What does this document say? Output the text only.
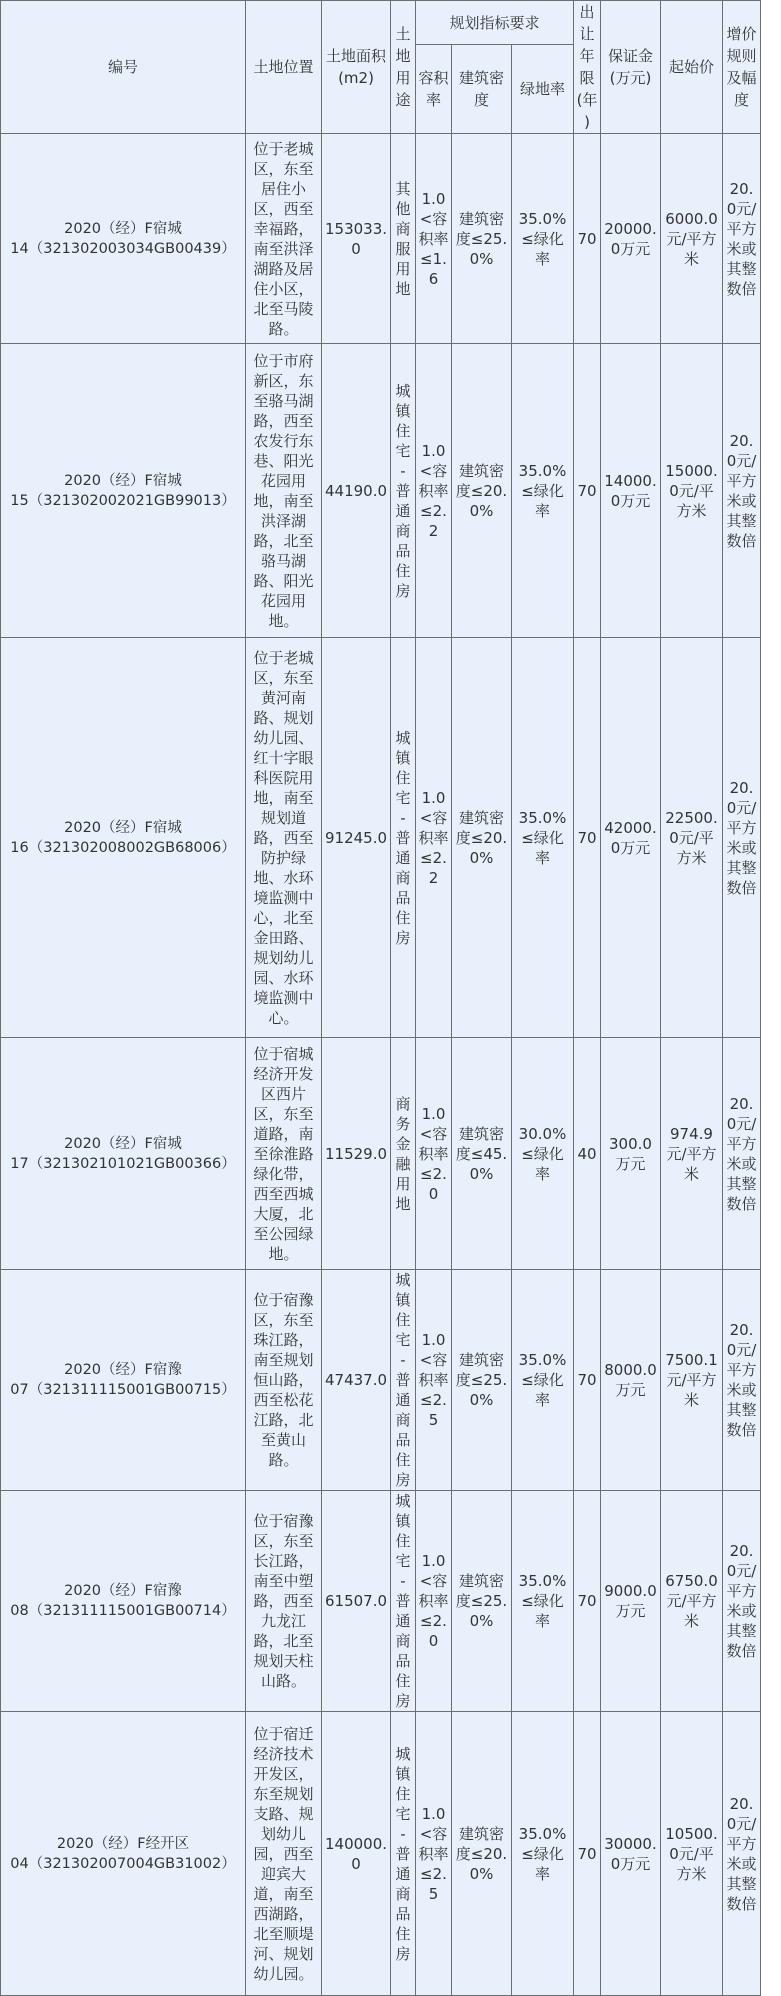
编号	土地位置	土地面积(m2)	土地用途	规划指标要求			出让年限(年)	保证金(万元)	起始价	增价规则及幅度
				容积率	建筑密度	绿地率				

2020（经）F宿城
14（321302003034GB00439）	位于老城区，东至居住小区，西至幸福路，南至洪泽湖路及居住小区，北至马陵路。	153033.0	其他商服用地	1.0<容积率≤1.6	建筑密度≤25.0%	35.0%≤绿化率	70	20000.0万元	6000.0元/平方米	20.0元/平方米或其整数倍

2020（经）F宿城
15（321302002021GB99013）	位于市府新区，东至骆马湖路，西至农发行东巷、阳光花园用地，南至洪泽湖路，北至骆马湖路、阳光花园用地。	44190.0	城镇住宅-普通商品住房	1.0<容积率≤2.2	建筑密度≤20.0%	35.0%≤绿化率	70	14000.0万元	15000.0元/平方米	20.0元/平方米或其整数倍

2020（经）F宿城
16（321302008002GB68006）	位于老城区，东至黄河南路、规划幼儿园、红十字眼科医院用地，南至规划道路，西至防护绿地、水环境监测中心，北至金田路、规划幼儿园、水环境监测中心。	91245.0	城镇住宅-普通商品住房	1.0<容积率≤2.2	建筑密度≤20.0%	35.0%≤绿化率	70	42000.0万元	22500.0元/平方米	20.0元/平方米或其整数倍

2020（经）F宿城
17（321302101021GB00366）	位于宿城经济开发区西片区，东至道路，南至徐淮路绿化带，西至西城大厦，北至公园绿地。	11529.0	商务金融用地	1.0<容积率≤2.0	建筑密度≤45.0%	30.0%≤绿化率	40	300.0万元	974.9元/平方米	20.0元/平方米或其整数倍

2020（经）F宿豫
07（321311115001GB00715）	位于宿豫区，东至珠江路，南至规划恒山路，西至松花江路，北至黄山路。	47437.0	城镇住宅-普通商品住房	1.0<容积率≤2.5	建筑密度≤25.0%	35.0%≤绿化率	70	8000.0万元	7500.1元/平方米	20.0元/平方米或其整数倍

2020（经）F宿豫
08（321311115001GB00714）	位于宿豫区，东至长江路，南至中塑路，西至九龙江路，北至规划天柱山路。	61507.0	城镇住宅-普通商品住房	1.0<容积率≤2.0	建筑密度≤25.0%	35.0%≤绿化率	70	9000.0万元	6750.0元/平方米	20.0元/平方米或其整数倍

2020（经）F经开区
04（321302007004GB31002）	位于宿迁经济技术开发区，东至规划支路、规划幼儿园，西至迎宾大道，南至西湖路，北至顺堤河、规划幼儿园。	140000.0	城镇住宅-普通商品住房	1.0<容积率≤2.5	建筑密度≤20.0%	35.0%≤绿化率	70	30000.0万元	10500.0元/平方米	20.0元/平方米或其整数倍
